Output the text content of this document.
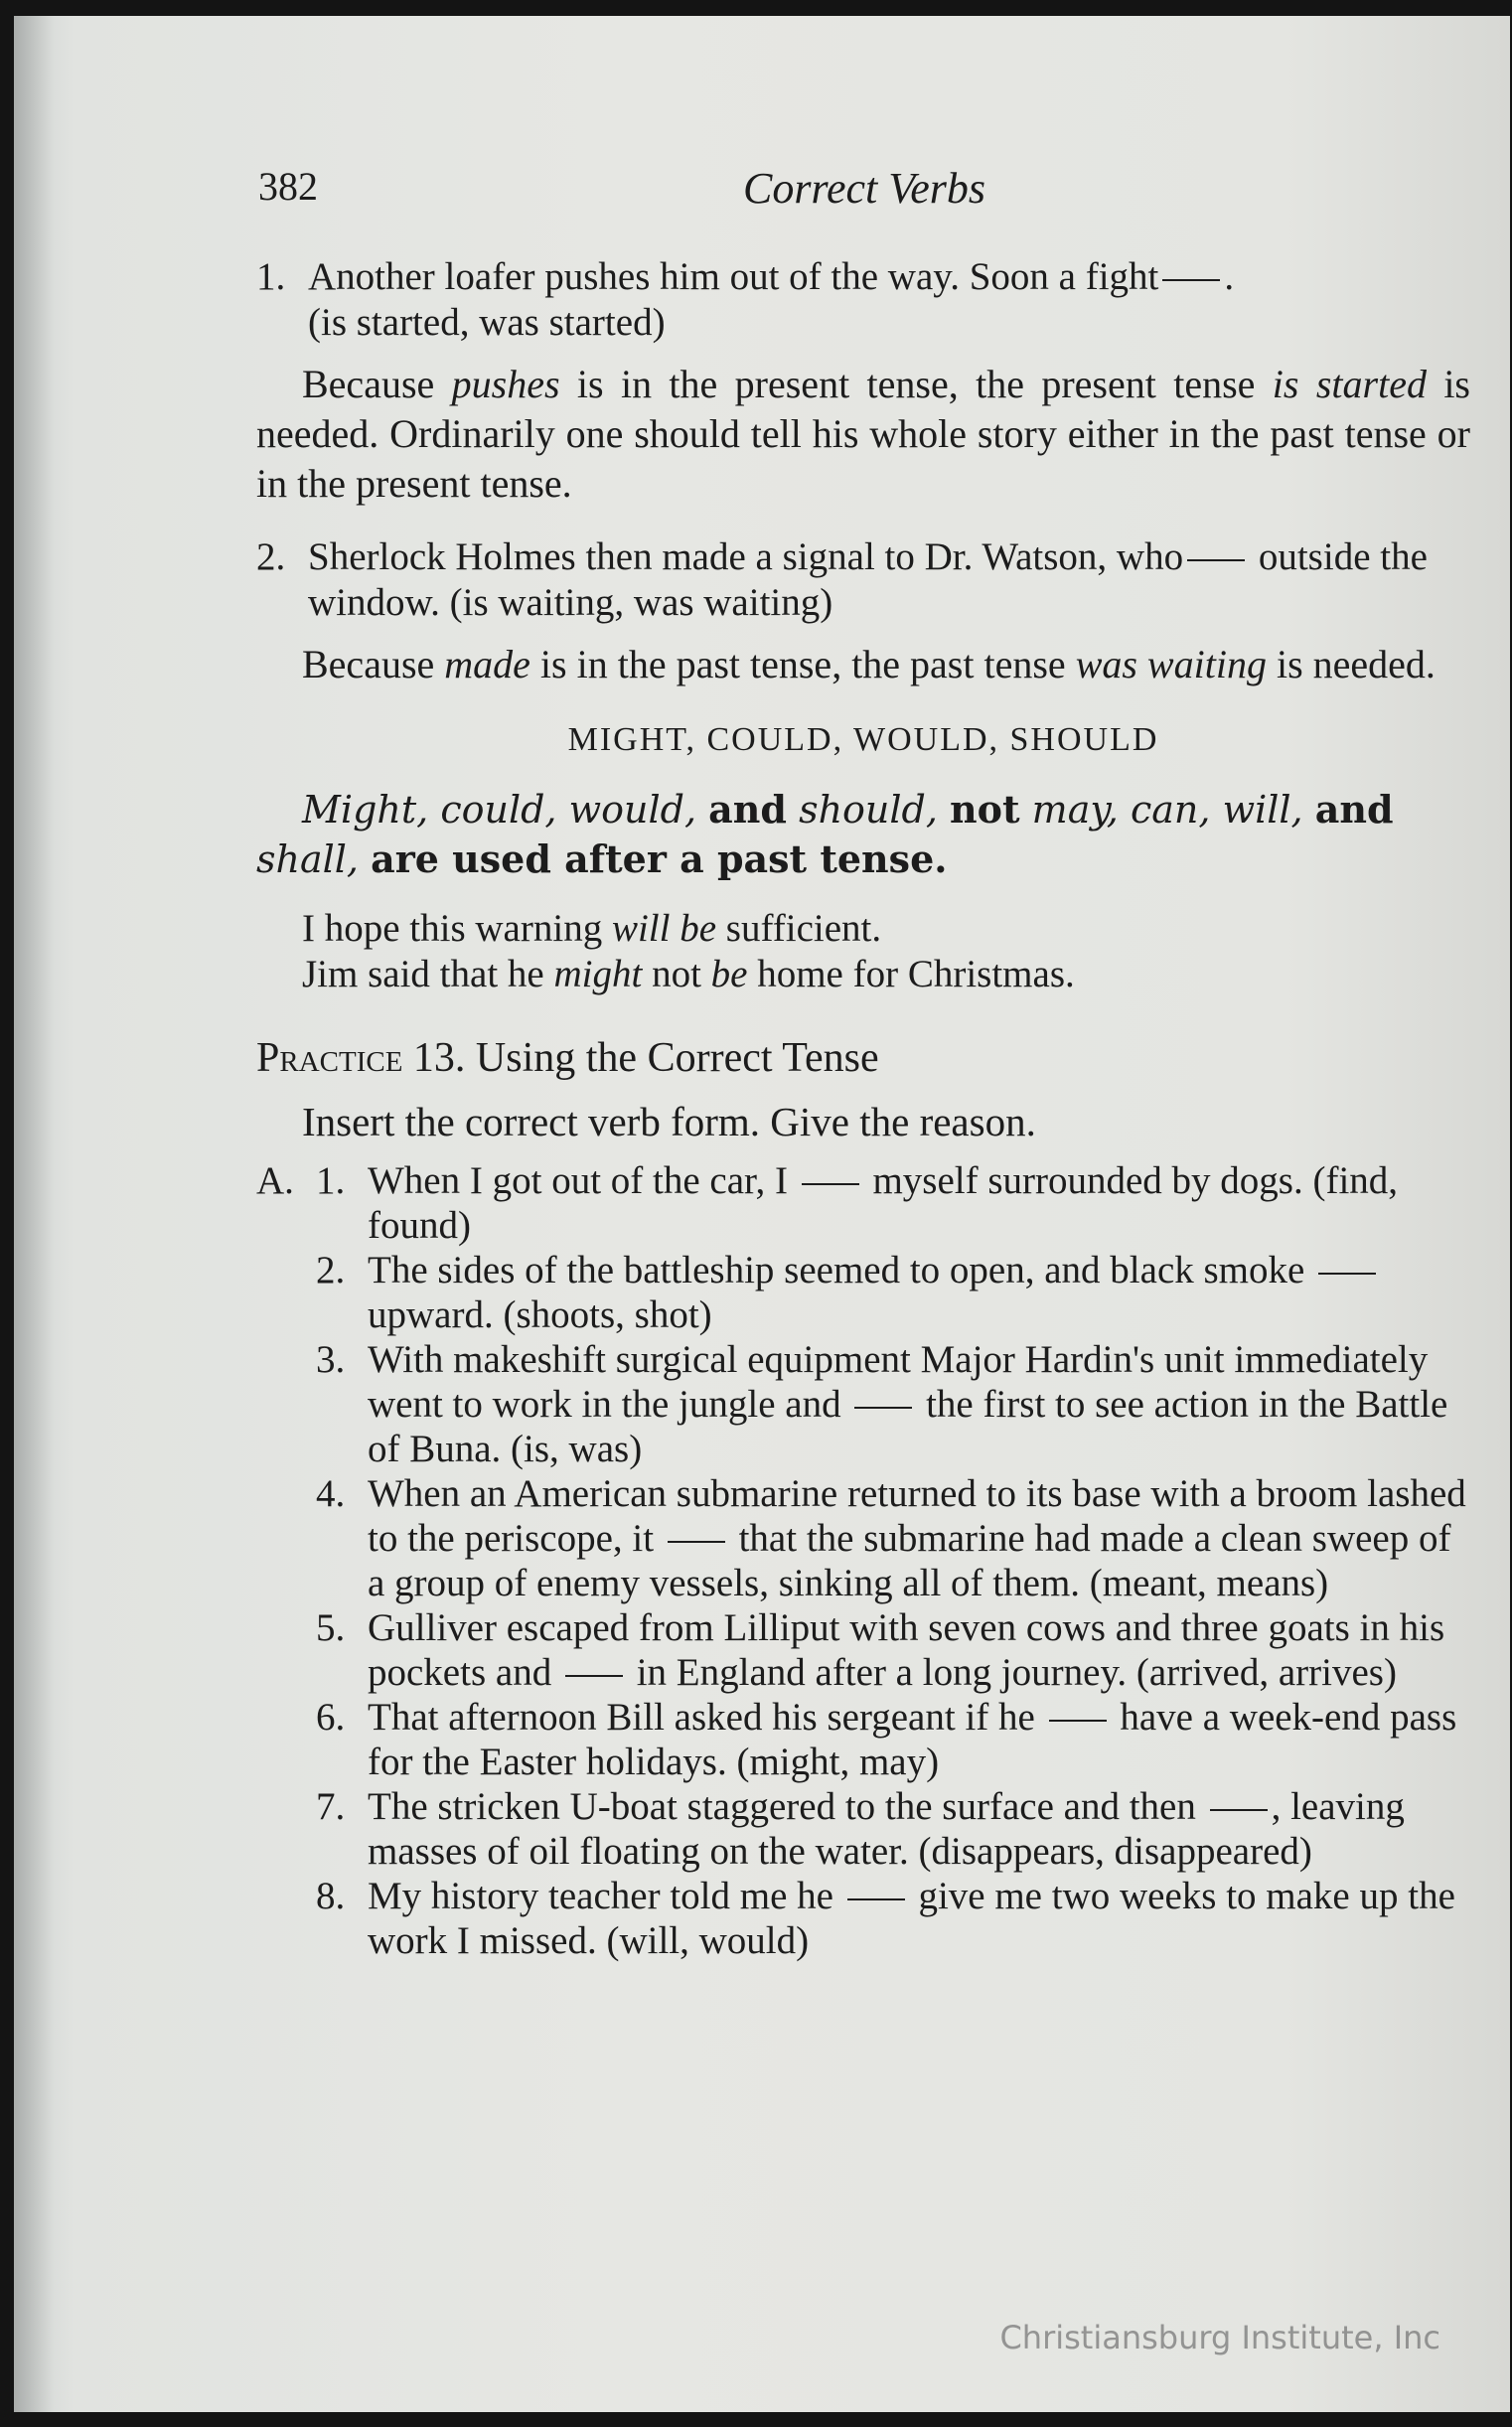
382	Correct Verbs
1. Another loafer pushes him out of the way. Soon a fight .
(is started, was started)

Because pushes is in the present tense, the present tense is started is needed. Ordinarily one should tell his whole story either in the past tense or in the present tense.

2. Sherlock Holmes then made a signal to Dr. Watson, who outside the window. (is waiting, was waiting)

Because made is in the past tense, the past tense was waiting is needed.

MIGHT, COULD, WOULD, SHOULD

Might, could, would, and should, not may, can, will, and shall, are used after a past tense.

I hope this warning will be sufficient.

Jim said that he might not be home for Christmas.

Practice 13. Using the Correct Tense

Insert the correct verb form. Give the reason.

A. 1. When I got out of the car, I myself surrounded by dogs. (find, found)
2. The sides of the battleship seemed to open, and black smoke  upward. (shoots, shot)
3. With makeshift surgical equipment Major Hardin's unit immediately went to work in the jungle and the first to see action in the Battle of Buna. (is, was)
4. When an American submarine returned to its base with a broom lashed to the periscope, it that the submarine had made a clean sweep of a group of enemy vessels, sinking all of them. (meant, means)
5. Gulliver escaped from Lilliput with seven cows and three goats in his pockets and in England after a long journey. (arrived, arrives)
6. That afternoon Bill asked his sergeant if he have a week-end pass for the Easter holidays. (might, may)
7. The stricken U-boat staggered to the surface and then , leaving masses of oil floating on the water. (disappears, disappeared)
8. My history teacher told me he give me two weeks to make up the work I missed. (will, would)
Christiansburg Institute, Inc
